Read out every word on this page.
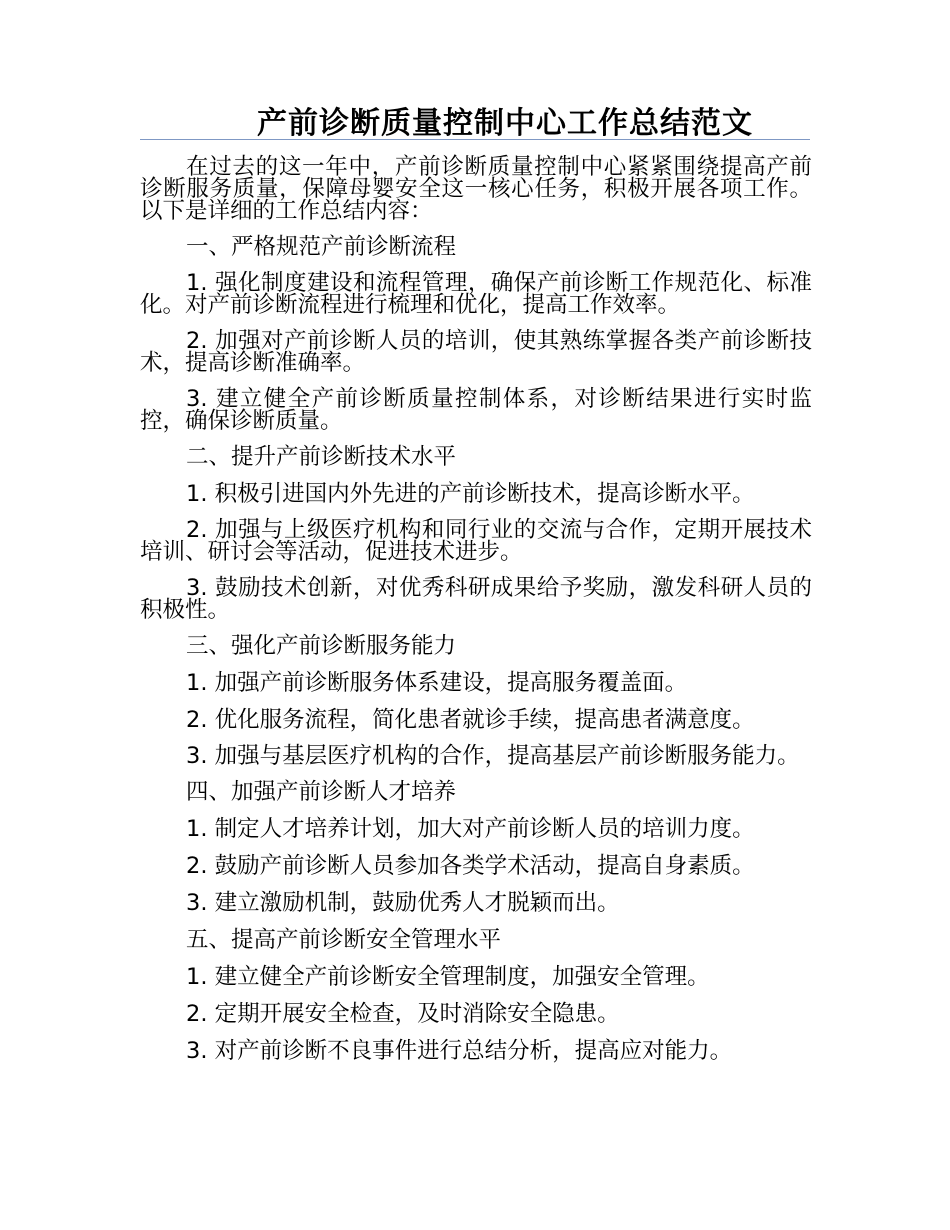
产前诊断质量控制中心工作总结范文

在过去的这一年中，产前诊断质量控制中心紧紧围绕提高产前诊断服务质量，保障母婴安全这一核心任务，积极开展各项工作。以下是详细的工作总结内容：

一、严格规范产前诊断流程

1. 强化制度建设和流程管理，确保产前诊断工作规范化、标准化。对产前诊断流程进行梳理和优化，提高工作效率。

2. 加强对产前诊断人员的培训，使其熟练掌握各类产前诊断技术，提高诊断准确率。

3. 建立健全产前诊断质量控制体系，对诊断结果进行实时监控，确保诊断质量。

二、提升产前诊断技术水平

1. 积极引进国内外先进的产前诊断技术，提高诊断水平。

2. 加强与上级医疗机构和同行业的交流与合作，定期开展技术培训、研讨会等活动，促进技术进步。

3. 鼓励技术创新，对优秀科研成果给予奖励，激发科研人员的积极性。

三、强化产前诊断服务能力

1. 加强产前诊断服务体系建设，提高服务覆盖面。

2. 优化服务流程，简化患者就诊手续，提高患者满意度。

3. 加强与基层医疗机构的合作，提高基层产前诊断服务能力。

四、加强产前诊断人才培养

1. 制定人才培养计划，加大对产前诊断人员的培训力度。

2. 鼓励产前诊断人员参加各类学术活动，提高自身素质。

3. 建立激励机制，鼓励优秀人才脱颖而出。

五、提高产前诊断安全管理水平

1. 建立健全产前诊断安全管理制度，加强安全管理。

2. 定期开展安全检查，及时消除安全隐患。

3. 对产前诊断不良事件进行总结分析，提高应对能力。
